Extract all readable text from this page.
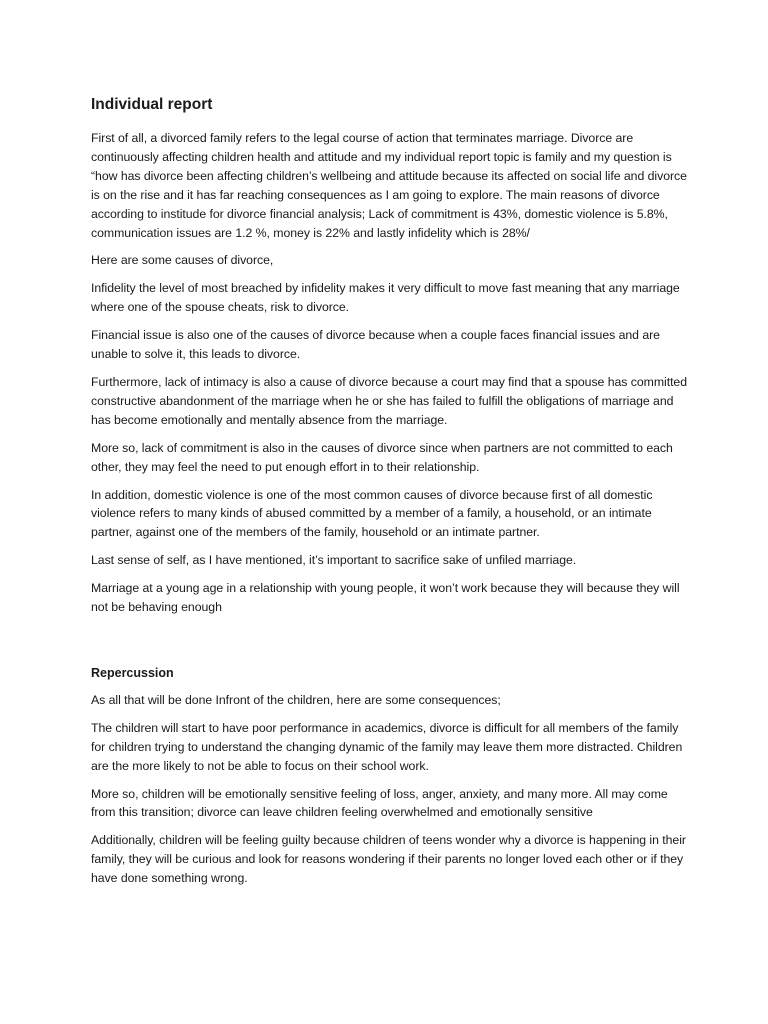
Individual report

First of all, a divorced family refers to the legal course of action that terminates marriage. Divorce are continuously affecting children health and attitude and my individual report topic is family and my question is “how has divorce been affecting children’s wellbeing and attitude because its affected on social life and divorce is on the rise and it has far reaching consequences as I am going to explore. The main reasons of divorce according to institude for divorce financial analysis; Lack of commitment is 43%, domestic violence is 5.8%, communication issues are 1.2 %, money is 22% and lastly infidelity which is 28%/

Here are some causes of divorce,

Infidelity the level of most breached by infidelity makes it very difficult to move fast meaning that any marriage where one of the spouse cheats, risk to divorce.

Financial issue is also one of the causes of divorce because when a couple faces financial issues and are unable to solve it, this leads to divorce.

Furthermore, lack of intimacy is also a cause of divorce because a court may find that a spouse has committed constructive abandonment of the marriage when he or she has failed to fulfill the obligations of marriage and has become emotionally and mentally absence from the marriage.

More so, lack of commitment is also in the causes of divorce since when partners are not committed to each other, they may feel the need to put enough effort in to their relationship.

In addition, domestic violence is one of the most common causes of divorce because first of all domestic violence refers to many kinds of abused committed by a member of a family, a household, or an intimate partner, against one of the members of the family, household or an intimate partner.

Last sense of self, as I have mentioned, it’s important to sacrifice sake of unfiled marriage.

Marriage at a young age in a relationship with young people, it won’t work because they will because they will not be behaving enough

Repercussion

As all that will be done Infront of the children, here are some consequences;

The children will start to have poor performance in academics, divorce is difficult for all members of the family for children trying to understand the changing dynamic of the family may leave them more distracted. Children are the more likely to not be able to focus on their school work.

More so, children will be emotionally sensitive feeling of loss, anger, anxiety, and many more. All may come from this transition; divorce can leave children feeling overwhelmed and emotionally sensitive

Additionally, children will be feeling guilty because children of teens wonder why a divorce is happening in their family, they will be curious and look for reasons wondering if their parents no longer loved each other or if they have done something wrong.
